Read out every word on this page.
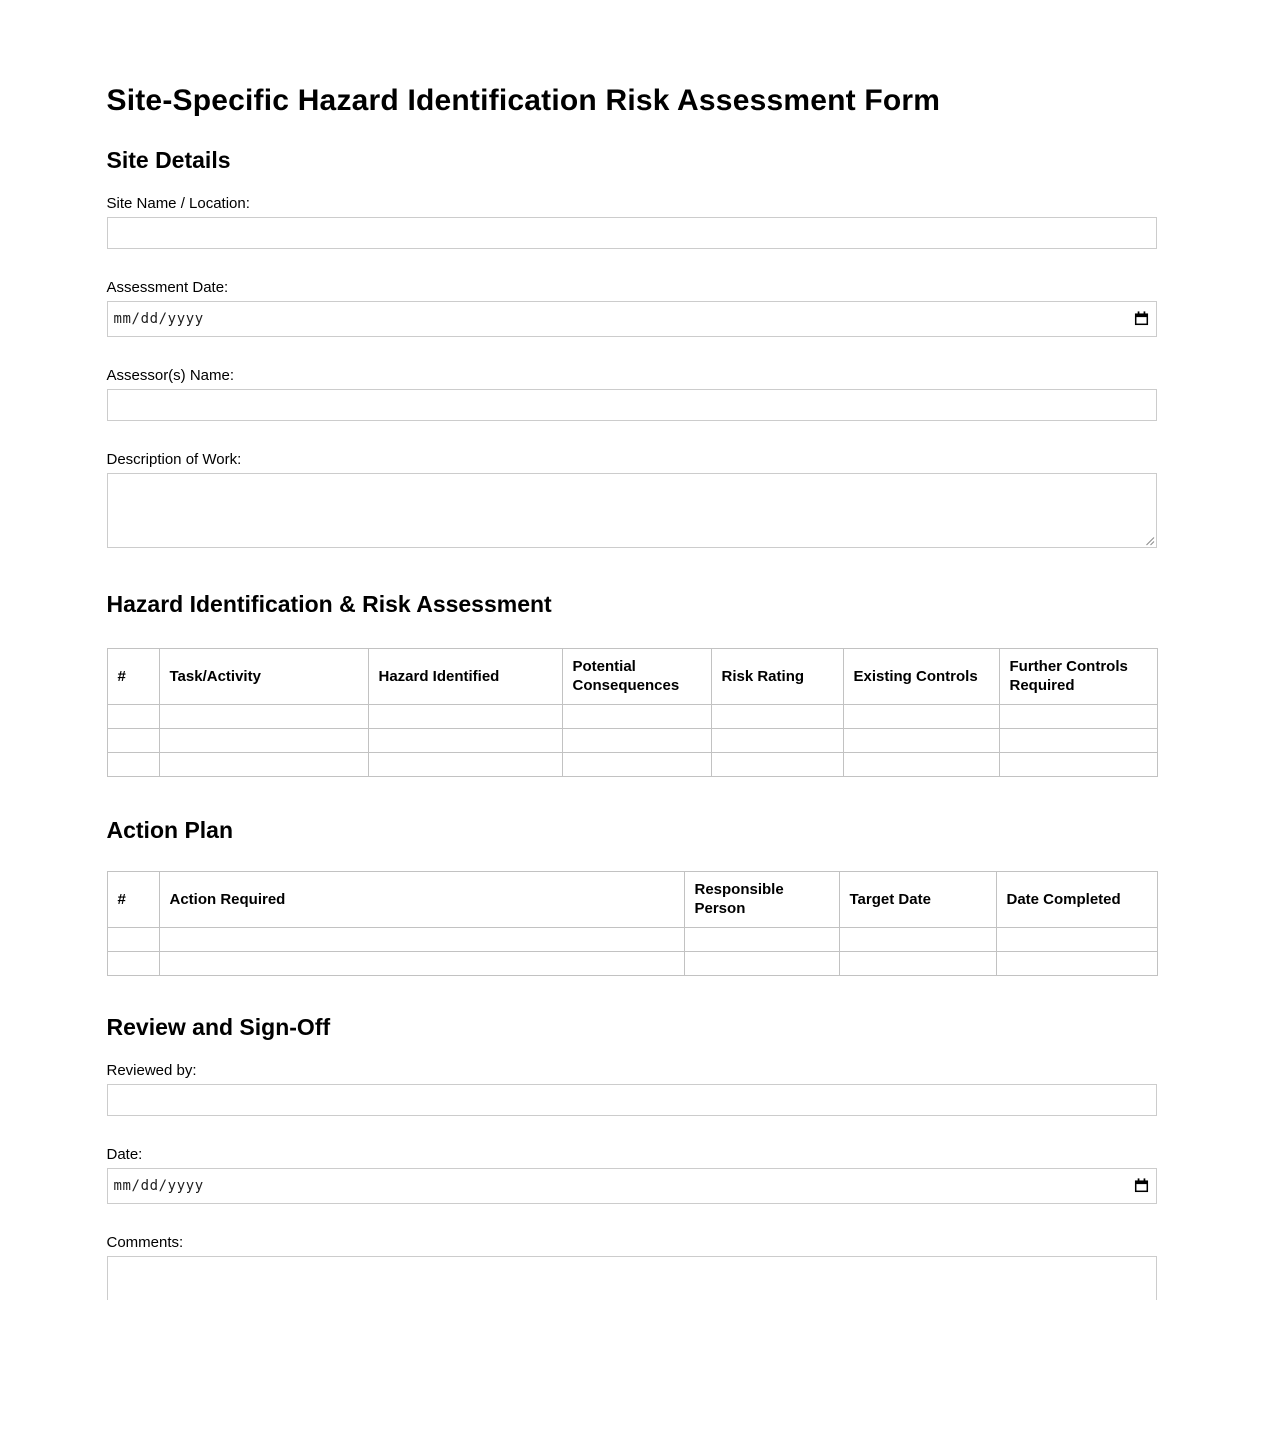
Site-Specific Hazard Identification Risk Assessment Form
Site Details
Site Name / Location:
Assessment Date:
mm/dd/yyyy
Assessor(s) Name:
Description of Work:
Hazard Identification & Risk Assessment
#	Task/Activity	Hazard Identified	Potential Consequences	Risk Rating	Existing Controls	Further Controls Required

Action Plan
#	Action Required	Responsible Person	Target Date	Date Completed

Review and Sign-Off
Reviewed by:
Date:
mm/dd/yyyy
Comments:
